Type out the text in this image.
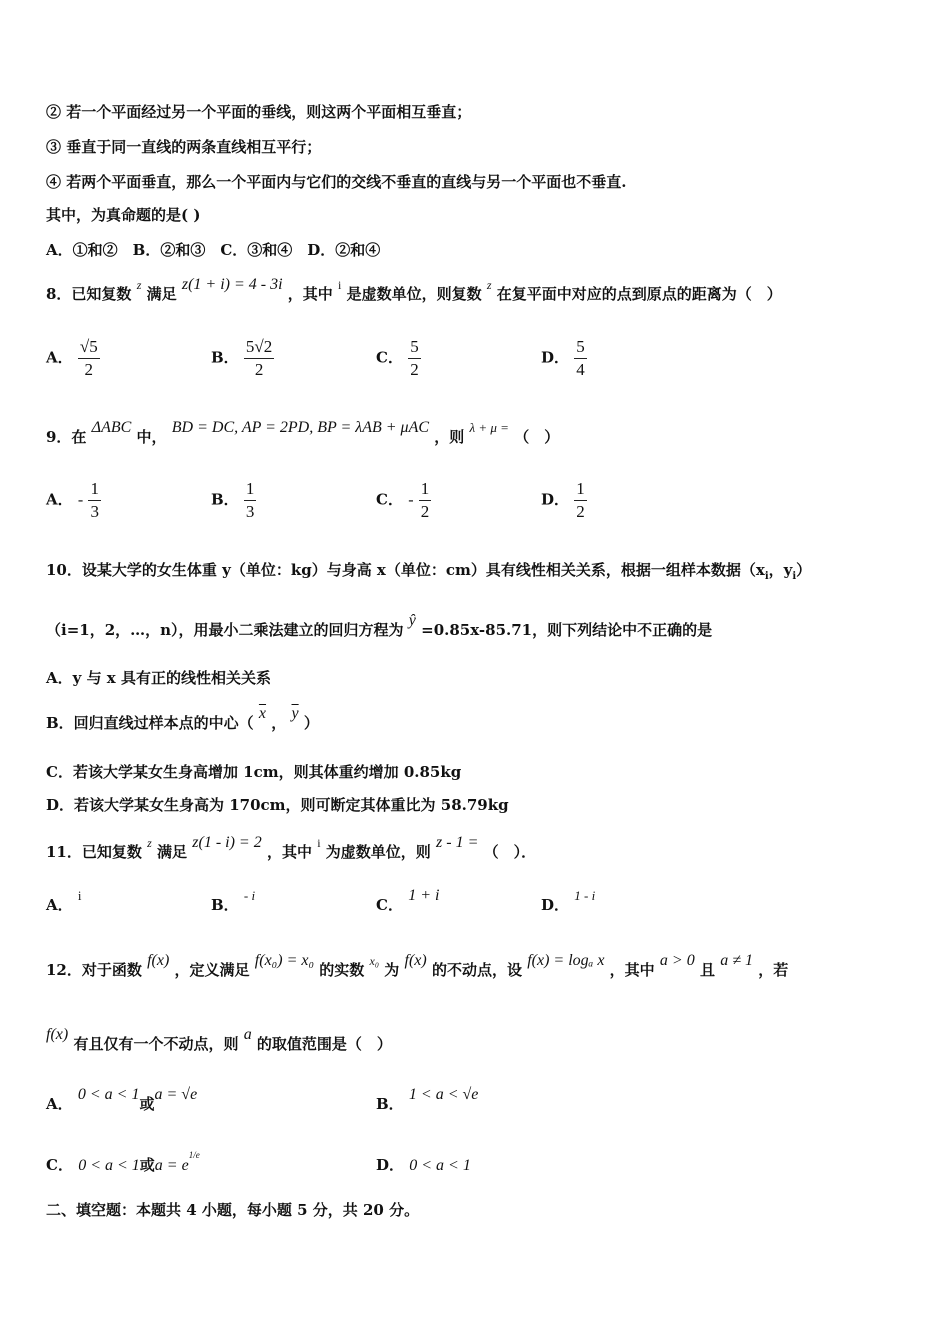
② 若一个平面经过另一个平面的垂线，则这两个平面相互垂直；
③ 垂直于同一直线的两条直线相互平行；
④ 若两个平面垂直，那么一个平面内与它们的交线不垂直的直线与另一个平面也不垂直.
其中，为真命题的是( )
A．①和②　B．②和③　C．③和④　D．②和④
8．已知复数 $^z$ 满足 z(1 + i) = 4 - 3i ，其中 $^i$ 是虚数单位，则复数 $^z$ 在复平面中对应的点到原点的距离为（　）
A． $\frac{√5}{2}$	B． $\frac{5√2}{2}$	C． $\frac{5}{2}$	D． $\frac{5}{4}$
9．在 ΔABC 中， BD = DC, AP = 2PD, BP = λAB + μAC ，则 λ + μ = （　）
A． - $\frac{1}{3}$	B． $\frac{1}{3}$	C． - $\frac{1}{2}$	D． $\frac{1}{2}$
10．设某大学的女生体重 y（单位：kg）与身高 x（单位：cm）具有线性相关关系，根据一组样本数据（$x_i$，$y_i$）
（i=1，2，…，n），用最小二乘法建立的回归方程为 ŷ =0.85x-85.71，则下列结论中不正确的是
A．y 与 x 具有正的线性相关关系
B．回归直线过样本点的中心（ $\overline{x}$ ， $\overline{y}$ ）
C．若该大学某女生身高增加 1cm，则其体重约增加 0.85kg
D．若该大学某女生身高为 170cm，则可断定其体重比为 58.79kg
11．已知复数 $^z$ 满足 z(1 - i) = 2 ，其中 $^i$ 为虚数单位，则 z - 1 = （　）．
A． i
B． - i
C． 1 + i
D． 1 - i
12．对于函数 f(x) ，定义满足 f(x₀) = x₀ 的实数 $^{x_0}$ 为 f(x) 的不动点，设 f(x) = logₐ x ，其中 a > 0 且 a ≠ 1 ，若
f(x) 有且仅有一个不动点，则 a 的取值范围是（　）
A． 0 < a < 1或a = √e
B． 1 < a < √e
C． 0 < a < 1或$a = e^{1/e}$
D． 0 < a < 1
二、填空题：本题共 4 小题，每小题 5 分，共 20 分。
